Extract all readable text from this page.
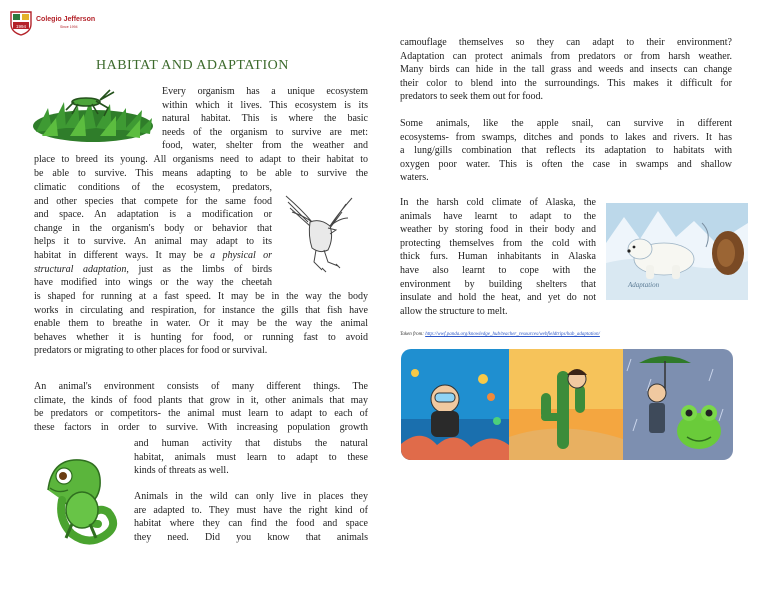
1994
Colegio Jefferson
Since 1994
HABITAT AND ADAPTATION

Every organism has a unique ecosystem

within which it lives. This ecosystem is its

natural habitat. This is where the basic

needs of the organism to survive are met:

food, water, shelter from the weather and

place to breed its young. All organisms need to adapt to their habitat to

be able to survive. This means adapting to be able to survive the

climatic conditions of the ecosystem, predators,

and other species that compete for the same food

and space. An adaptation is a modification or

change in the organism's body or behavior that

helps it to survive. An animal may adapt to its

habitat in different ways. It may be a physical or

structural adaptation, just as the limbs of birds

have modified into wings or the way the cheetah

is shaped for running at a fast speed. It may be in the way the body

works in circulating and respiration, for instance the gills that fish have

enable them to breathe in water. Or it may be the way the animal

behaves whether it is hunting for food, or running fast to avoid

predators or migrating to other places for food or survival.

An animal's environment consists of many different things. The

climate, the kinds of food plants that grow in it, other animals that may

be predators or competitors- the animal must learn to adapt to each of

these factors in order to survive. With increasing population growth

and human activity that distubs the natural

habitat, animals must learn to adapt to these

kinds of threats as well.

Animals in the wild can only live in places they

are adapted to. They must have the right kind of

habitat where they can find the food and space

they need. Did you know that animals

camouflage themselves so they can adapt to their environment?

Adaptation can protect animals from predators or from harsh weather.

Many birds can hide in the tall grass and weeds and insects can change

their color to blend into the surroundings. This makes it difficult for

predators to seek them out for food.

Some animals, like the apple snail, can survive in different

ecosystems- from swamps, ditches and ponds to lakes and rivers. It has

a lung/gills combination that reflects its adaptation to habitats with

oxygen poor water. This is often the case in swamps and shallow

waters.

In the harsh cold climate of Alaska, the

animals have learnt to adapt to the

weather by storing food in their body and

protecting themselves from the cold with

thick furs. Human inhabitants in Alaska

have also learnt to cope with the

environment by building shelters that

insulate and hold the heat, and yet do not

allow the structure to melt.

Adaptation
Taken from: http://wwf.panda.org/knowledge_hub/teacher_resources/webfieldtrips/hab_adaptation/
